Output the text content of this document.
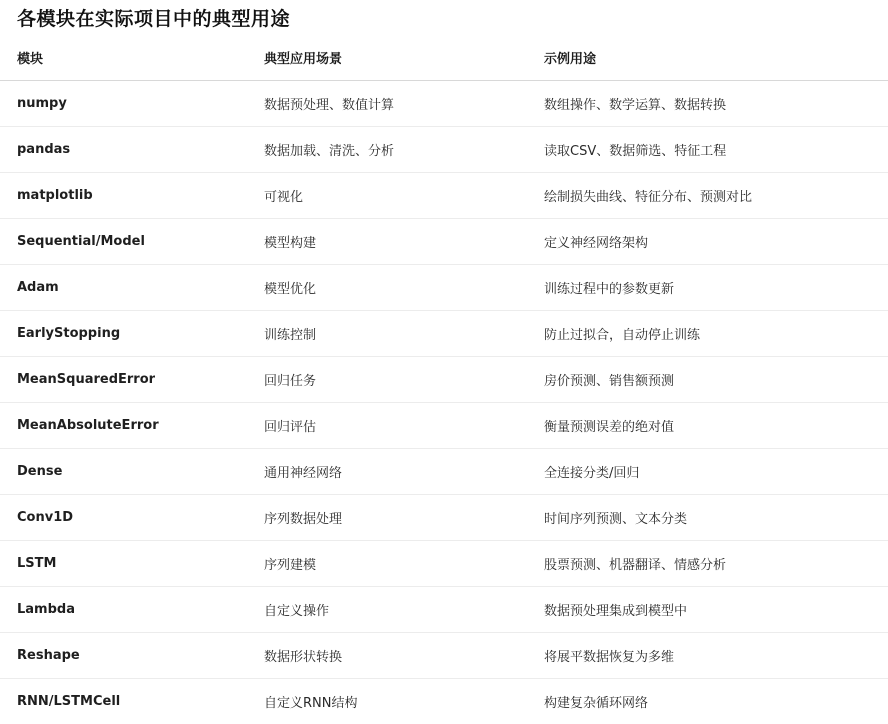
各模块在实际项目中的典型用途
模块	典型应用场景	示例用途
numpy	数据预处理、数值计算	数组操作、数学运算、数据转换
pandas	数据加载、清洗、分析	读取CSV、数据筛选、特征工程
matplotlib	可视化	绘制损失曲线、特征分布、预测对比
Sequential/Model	模型构建	定义神经网络架构
Adam	模型优化	训练过程中的参数更新
EarlyStopping	训练控制	防止过拟合，自动停止训练
MeanSquaredError	回归任务	房价预测、销售额预测
MeanAbsoluteError	回归评估	衡量预测误差的绝对值
Dense	通用神经网络	全连接分类/回归
Conv1D	序列数据处理	时间序列预测、文本分类
LSTM	序列建模	股票预测、机器翻译、情感分析
Lambda	自定义操作	数据预处理集成到模型中
Reshape	数据形状转换	将展平数据恢复为多维
RNN/LSTMCell	自定义RNN结构	构建复杂循环网络
